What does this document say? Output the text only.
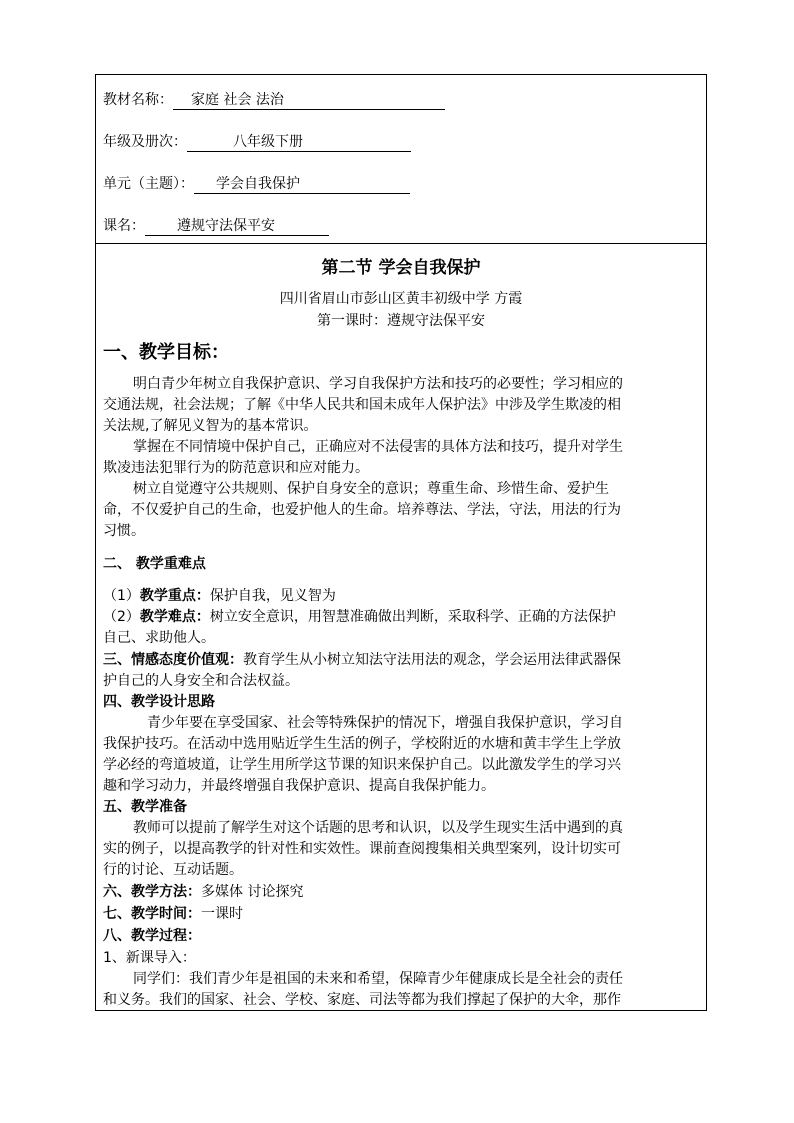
教材名称： 家庭 社会 法治
年级及册次：	八年级下册
单元（主题）： 学会自我保护
课名： 遵规守法保平安
第二节 学会自我保护
四川省眉山市彭山区黄丰初级中学 方霞
第一课时：遵规守法保平安
一、教学目标：
明白青少年树立自我保护意识、学习自我保护方法和技巧的必要性；学习相应的
交通法规，社会法规；了解《中华人民共和国未成年人保护法》中涉及学生欺凌的相
关法规,了解见义智为的基本常识。
掌握在不同情境中保护自己，正确应对不法侵害的具体方法和技巧，提升对学生
欺凌违法犯罪行为的防范意识和应对能力。
树立自觉遵守公共规则、保护自身安全的意识；尊重生命、珍惜生命、爱护生
命，不仅爱护自己的生命，也爱护他人的生命。培养尊法、学法，守法，用法的行为
习惯。
二、 教学重难点
（1）教学重点：保护自我，见义智为
（2）教学难点：树立安全意识，用智慧准确做出判断，采取科学、正确的方法保护
自己、求助他人。
三、情感态度价值观：教育学生从小树立知法守法用法的观念，学会运用法律武器保
护自己的人身安全和合法权益。
四、教学设计思路
青少年要在享受国家、社会等特殊保护的情况下，增强自我保护意识，学习自
我保护技巧。在活动中选用贴近学生生活的例子，学校附近的水塘和黄丰学生上学放
学必经的弯道坡道，让学生用所学这节课的知识来保护自己。以此激发学生的学习兴
趣和学习动力，并最终增强自我保护意识、提高自我保护能力。
五、教学准备
教师可以提前了解学生对这个话题的思考和认识，以及学生现实生活中遇到的真
实的例子，以提高教学的针对性和实效性。课前查阅搜集相关典型案列，设计切实可
行的讨论、互动话题。
六、教学方法：多媒体 讨论探究
七、教学时间：一课时
八、教学过程：
1、新课导入：
同学们：我们青少年是祖国的未来和希望，保障青少年健康成长是全社会的责任
和义务。我们的国家、社会、学校、家庭、司法等都为我们撑起了保护的大伞，那作
